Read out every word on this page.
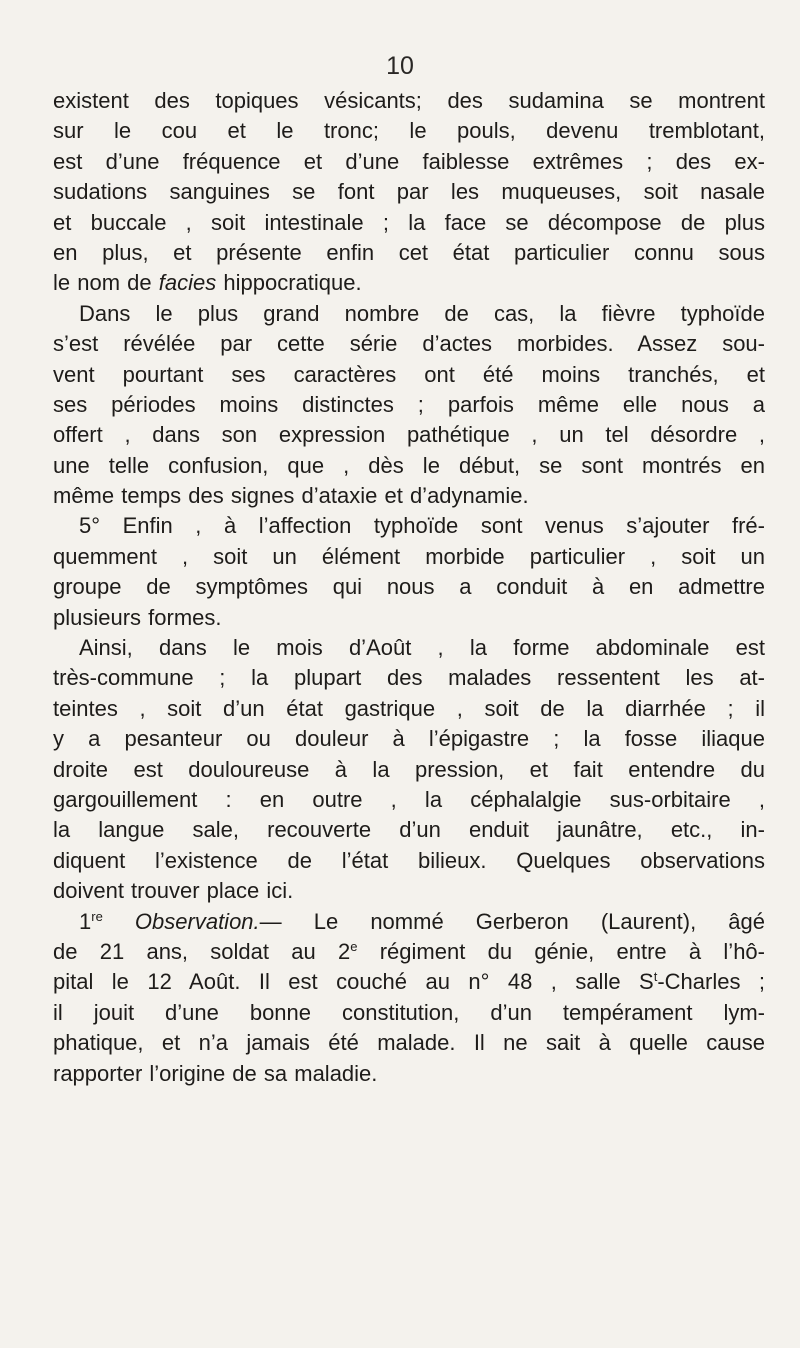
10
existent des topiques vésicants; des sudamina se montrent
sur le cou et le tronc; le pouls, devenu tremblotant,
est d’une fréquence et d’une faiblesse extrêmes ; des ex-
sudations sanguines se font par les muqueuses, soit nasale
et buccale , soit intestinale ; la face se décompose de plus
en plus, et présente enfin cet état particulier connu sous
le nom de facies hippocratique.
Dans le plus grand nombre de cas, la fièvre typhoïde
s’est révélée par cette série d’actes morbides. Assez sou-
vent pourtant ses caractères ont été moins tranchés, et
ses périodes moins distinctes ; parfois même elle nous a
offert , dans son expression pathétique , un tel désordre ,
une telle confusion, que , dès le début, se sont montrés en
même temps des signes d’ataxie et d’adynamie.
5° Enfin , à l’affection typhoïde sont venus s’ajouter fré-
quemment , soit un élément morbide particulier , soit un
groupe de symptômes qui nous a conduit à en admettre
plusieurs formes.
Ainsi, dans le mois d’Août , la forme abdominale est
très-commune ; la plupart des malades ressentent les at-
teintes , soit d’un état gastrique , soit de la diarrhée ; il
y a pesanteur ou douleur à l’épigastre ; la fosse iliaque
droite est douloureuse à la pression, et fait entendre du
gargouillement : en outre , la céphalalgie sus-orbitaire ,
la langue sale, recouverte d’un enduit jaunâtre, etc., in-
diquent l’existence de l’état bilieux. Quelques observations
doivent trouver place ici.
1re Observation.— Le nommé Gerberon (Laurent), âgé
de 21 ans, soldat au 2e régiment du génie, entre à l’hô-
pital le 12 Août. Il est couché au n° 48 , salle $S^t$-Charles ;
il jouit d’une bonne constitution, d’un tempérament lym-
phatique, et n’a jamais été malade. Il ne sait à quelle cause
rapporter l’origine de sa maladie.
